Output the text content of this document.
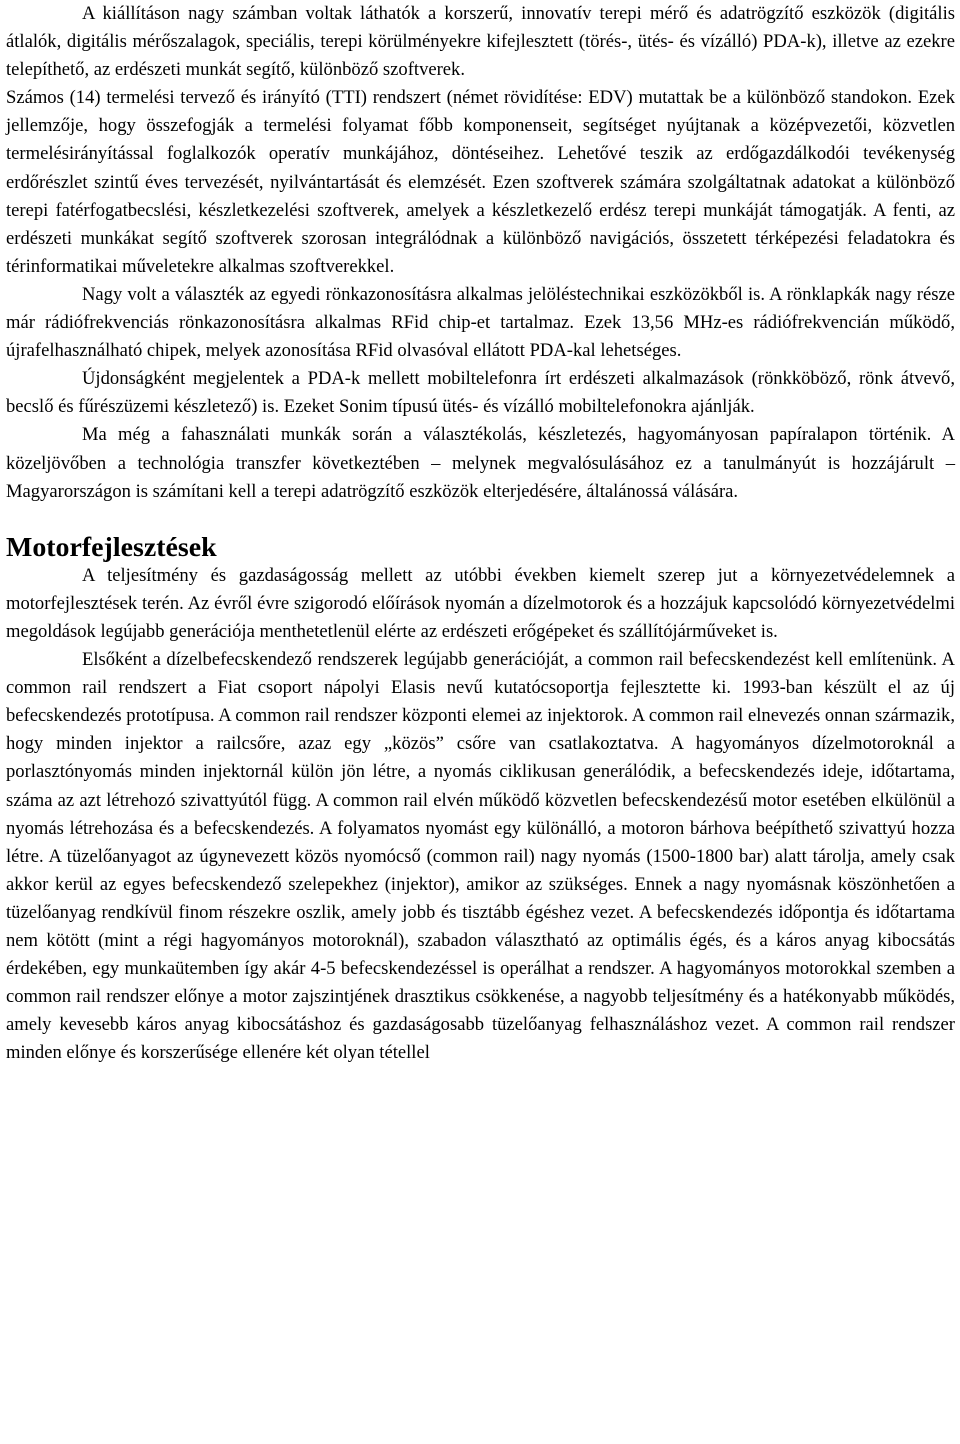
A kiállításon nagy számban voltak láthatók a korszerű, innovatív terepi mérő és adatrögzítő eszközök (digitális átlalók, digitális mérőszalagok, speciális, terepi körülményekre kifejlesztett (törés-, ütés- és vízálló) PDA-k), illetve az ezekre telepíthető, az erdészeti munkát segítő, különböző szoftverek.

Számos (14) termelési tervező és irányító (TTI) rendszert (német rövidítése: EDV) mutattak be a különböző standokon. Ezek jellemzője, hogy összefogják a termelési folyamat főbb komponenseit, segítséget nyújtanak a középvezetői, közvetlen termelésirányítással foglalkozók operatív munkájához, döntéseihez. Lehetővé teszik az erdőgazdálkodói tevékenység erdőrészlet szintű éves tervezését, nyilvántartását és elemzését. Ezen szoftverek számára szolgáltatnak adatokat a különböző terepi fatérfogatbecslési, készletkezelési szoftverek, amelyek a készletkezelő erdész terepi munkáját támogatják. A fenti, az erdészeti munkákat segítő szoftverek szorosan integrálódnak a különböző navigációs, összetett térképezési feladatokra és térinformatikai műveletekre alkalmas szoftverekkel.

Nagy volt a választék az egyedi rönkazonosításra alkalmas jelöléstechnikai eszközökből is. A rönklapkák nagy része már rádiófrekvenciás rönkazonosításra alkalmas RFid chip-et tartalmaz. Ezek 13,56 MHz-es rádiófrekvencián működő, újrafelhasználható chipek, melyek azonosítása RFid olvasóval ellátott PDA-kal lehetséges.

Újdonságként megjelentek a PDA-k mellett mobiltelefonra írt erdészeti alkalmazások (rönkköböző, rönk átvevő, becslő és fűrészüzemi készletező) is. Ezeket Sonim típusú ütés- és vízálló mobiltelefonokra ajánlják.

Ma még a fahasználati munkák során a választékolás, készletezés, hagyományosan papíralapon történik. A közeljövőben a technológia transzfer következtében – melynek megvalósulásához ez a tanulmányút is hozzájárult – Magyarországon is számítani kell a terepi adatrögzítő eszközök elterjedésére, általánossá válására.

Motorfejlesztések

A teljesítmény és gazdaságosság mellett az utóbbi években kiemelt szerep jut a környezetvédelemnek a motorfejlesztések terén. Az évről évre szigorodó előírások nyomán a dízelmotorok és a hozzájuk kapcsolódó környezetvédelmi megoldások legújabb generációja menthetetlenül elérte az erdészeti erőgépeket és szállítójárműveket is.

Elsőként a dízelbefecskendező rendszerek legújabb generációját, a common rail befecskendezést kell említenünk. A common rail rendszert a Fiat csoport nápolyi Elasis nevű kutatócsoportja fejlesztette ki. 1993-ban készült el az új befecskendezés prototípusa. A common rail rendszer központi elemei az injektorok. A common rail elnevezés onnan származik, hogy minden injektor a railcsőre, azaz egy „közös” csőre van csatlakoztatva. A hagyományos dízelmotoroknál a porlasztónyomás minden injektornál külön jön létre, a nyomás ciklikusan generálódik, a befecskendezés ideje, időtartama, száma az azt létrehozó szivattyútól függ. A common rail elvén működő közvetlen befecskendezésű motor esetében elkülönül a nyomás létrehozása és a befecskendezés. A folyamatos nyomást egy különálló, a motoron bárhova beépíthető szivattyú hozza létre. A tüzelőanyagot az úgynevezett közös nyomócső (common rail) nagy nyomás (1500-1800 bar) alatt tárolja, amely csak akkor kerül az egyes befecskendező szelepekhez (injektor), amikor az szükséges. Ennek a nagy nyomásnak köszönhetően a tüzelőanyag rendkívül finom részekre oszlik, amely jobb és tisztább égéshez vezet. A befecskendezés időpontja és időtartama nem kötött (mint a régi hagyományos motoroknál), szabadon választható az optimális égés, és a káros anyag kibocsátás érdekében, egy munkaütemben így akár 4-5 befecskendezéssel is operálhat a rendszer. A hagyományos motorokkal szemben a common rail rendszer előnye a motor zajszintjének drasztikus csökkenése, a nagyobb teljesítmény és a hatékonyabb működés, amely kevesebb káros anyag kibocsátáshoz és gazdaságosabb tüzelőanyag felhasználáshoz vezet. A common rail rendszer minden előnye és korszerűsége ellenére két olyan tétellel
